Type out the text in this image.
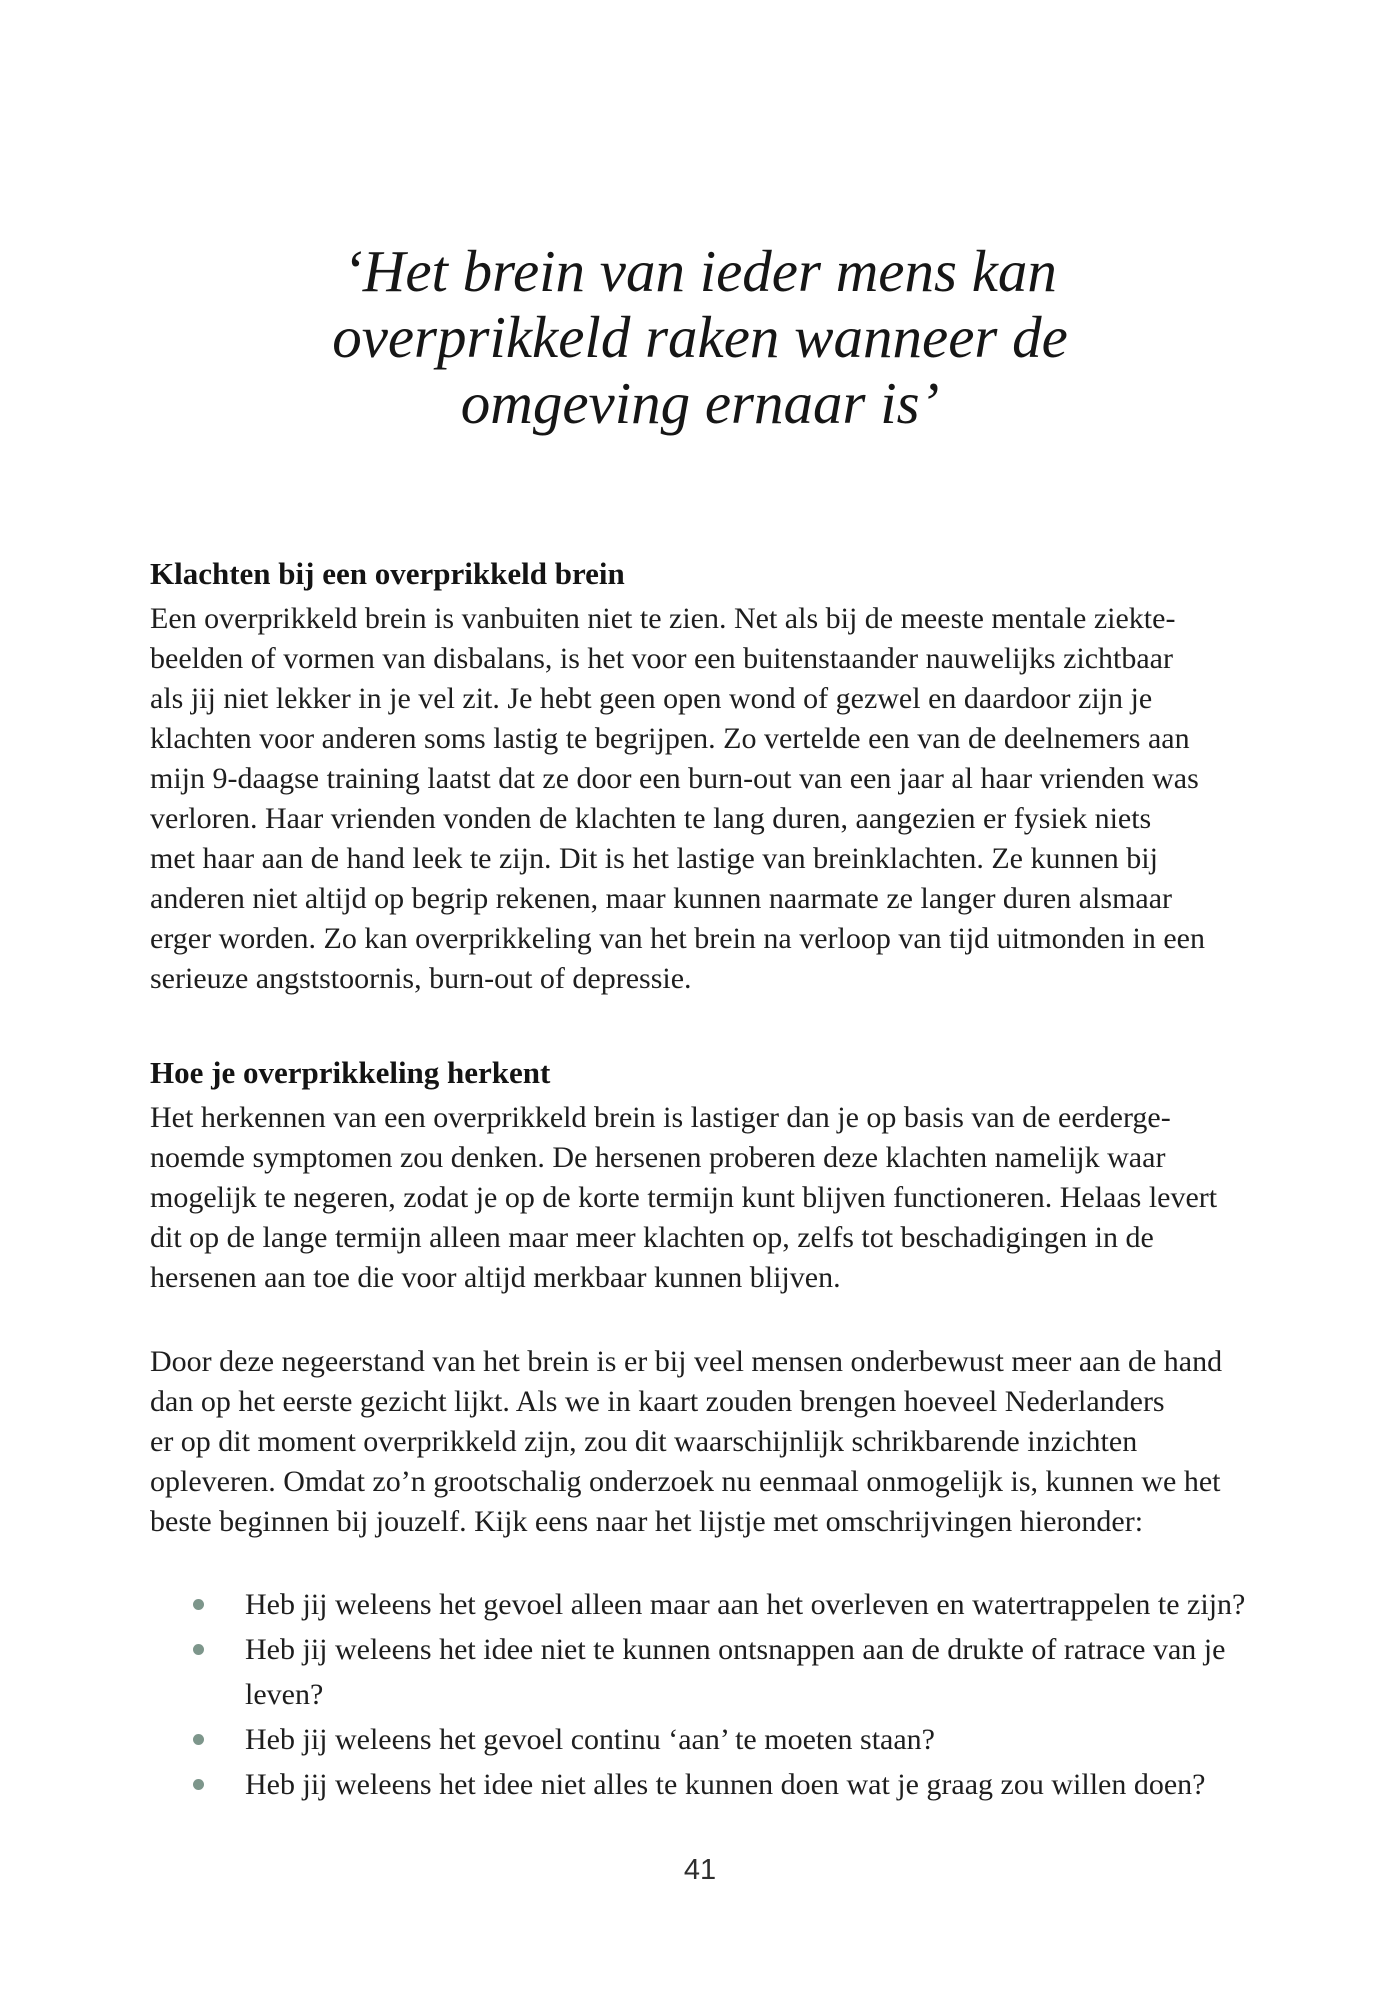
‘Het brein van ieder mens kan
overprikkeld raken wanneer de
omgeving ernaar is’
Klachten bij een overprikkeld brein
Een overprikkeld brein is vanbuiten niet te zien. Net als bij de meeste mentale ziekte-
beelden of vormen van disbalans, is het voor een buitenstaander nauwelijks zichtbaar
als jij niet lekker in je vel zit. Je hebt geen open wond of gezwel en daardoor zijn je
klachten voor anderen soms lastig te begrijpen. Zo vertelde een van de deelnemers aan
mijn 9-daagse training laatst dat ze door een burn-out van een jaar al haar vrienden was
verloren. Haar vrienden vonden de klachten te lang duren, aangezien er fysiek niets
met haar aan de hand leek te zijn. Dit is het lastige van breinklachten. Ze kunnen bij
anderen niet altijd op begrip rekenen, maar kunnen naarmate ze langer duren alsmaar
erger worden. Zo kan overprikkeling van het brein na verloop van tijd uitmonden in een
serieuze angststoornis, burn-out of depressie.
Hoe je overprikkeling herkent
Het herkennen van een overprikkeld brein is lastiger dan je op basis van de eerderge-
noemde symptomen zou denken. De hersenen proberen deze klachten namelijk waar
mogelijk te negeren, zodat je op de korte termijn kunt blijven functioneren. Helaas levert
dit op de lange termijn alleen maar meer klachten op, zelfs tot beschadigingen in de
hersenen aan toe die voor altijd merkbaar kunnen blijven.
Door deze negeerstand van het brein is er bij veel mensen onderbewust meer aan de hand
dan op het eerste gezicht lijkt. Als we in kaart zouden brengen hoeveel Nederlanders
er op dit moment overprikkeld zijn, zou dit waarschijnlijk schrikbarende inzichten
opleveren. Omdat zo’n grootschalig onderzoek nu eenmaal onmogelijk is, kunnen we het
beste beginnen bij jouzelf. Kijk eens naar het lijstje met omschrijvingen hieronder:
Heb jij weleens het gevoel alleen maar aan het overleven en watertrappelen te zijn?
Heb jij weleens het idee niet te kunnen ontsnappen aan de drukte of ratrace van je
leven?
Heb jij weleens het gevoel continu ‘aan’ te moeten staan?
Heb jij weleens het idee niet alles te kunnen doen wat je graag zou willen doen?
41
